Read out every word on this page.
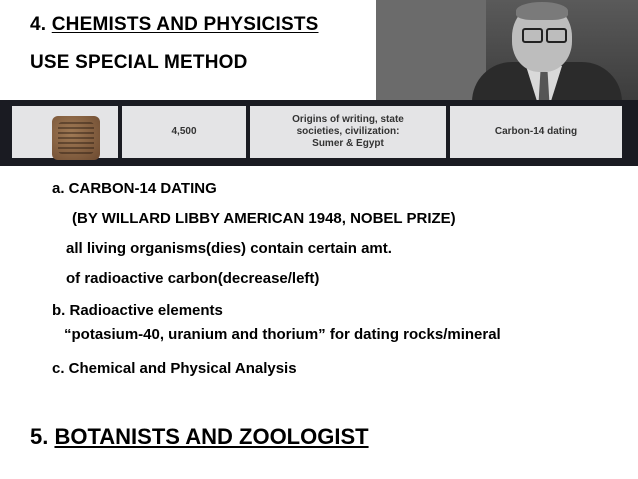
4. CHEMISTS AND PHYSICISTS
USE SPECIAL METHOD
4,500
Origins of writing, state
societies, civilization:
Sumer & Egypt
Carbon-14 dating
a. CARBON-14 DATING
(BY WILLARD LIBBY AMERICAN 1948, NOBEL PRIZE)
all living organisms(dies) contain certain amt.
of radioactive carbon(decrease/left)
b. Radioactive elements
“potasium-40, uranium and thorium” for dating rocks/mineral
c. Chemical and Physical Analysis
5. BOTANISTS AND ZOOLOGIST
